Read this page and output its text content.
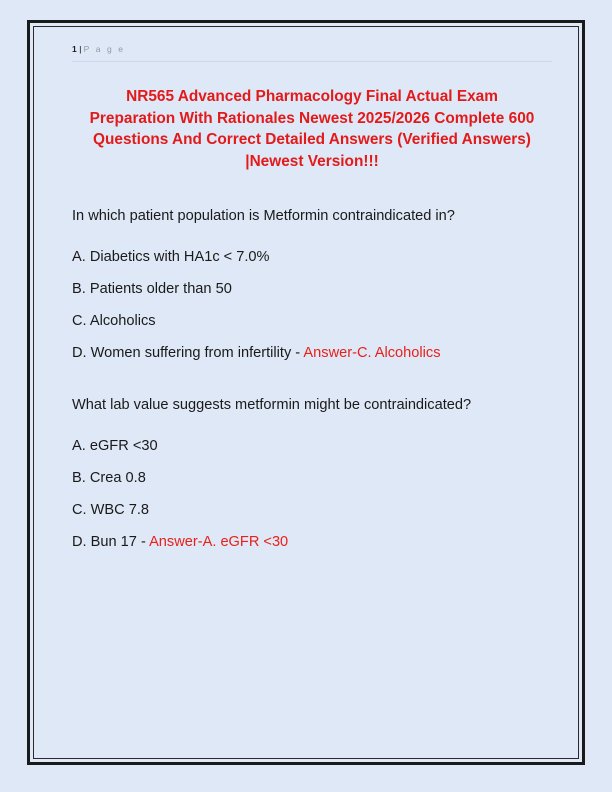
1 | P a g e
NR565 Advanced Pharmacology Final Actual Exam Preparation With Rationales Newest 2025/2026 Complete 600 Questions And Correct Detailed Answers (Verified Answers) |Newest Version!!!
In which patient population is Metformin contraindicated in?
A. Diabetics with HA1c < 7.0%
B. Patients older than 50
C. Alcoholics
D. Women suffering from infertility - Answer-C. Alcoholics
What lab value suggests metformin might be contraindicated?
A. eGFR <30
B. Crea 0.8
C. WBC 7.8
D. Bun 17 - Answer-A. eGFR <30
